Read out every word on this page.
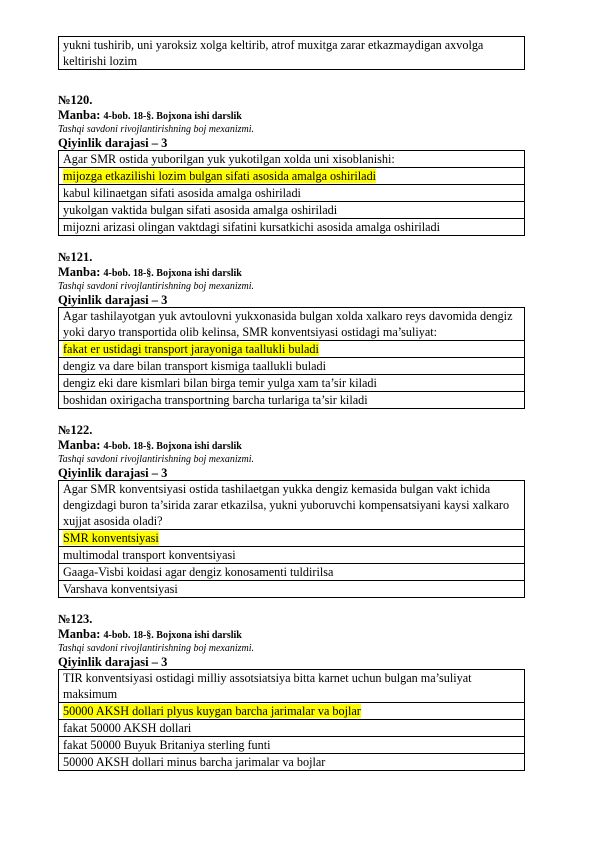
yukni tushirib, uni yaroksiz xolga keltirib, atrof muxitga zarar etkazmaydigan axvolga keltirishi lozim
№120.
Manba: 4-bob. 18-§. Bojxona ishi darslik
Tashqi savdoni rivojlantirishning boj mexanizmi.
Qiyinlik darajasi – 3
Agar SMR ostida yuborilgan yuk yukotilgan xolda uni xisoblanishi:
mijozga etkazilishi lozim bulgan sifati asosida amalga oshiriladi
kabul kilinaetgan sifati asosida amalga oshiriladi
yukolgan vaktida bulgan sifati asosida amalga oshiriladi
mijozni arizasi olingan vaktdagi sifatini kursatkichi asosida amalga oshiriladi
№121.
Manba: 4-bob. 18-§. Bojxona ishi darslik
Tashqi savdoni rivojlantirishning boj mexanizmi.
Qiyinlik darajasi – 3
Agar tashilayotgan yuk avtoulovni yukxonasida bulgan xolda xalkaro reys davomida dengiz yoki daryo transportida olib kelinsa, SMR konventsiyasi ostidagi ma’suliyat:
fakat er ustidagi transport jarayoniga taallukli buladi
dengiz va dare bilan transport kismiga taallukli buladi
dengiz eki dare kismlari bilan birga temir yulga xam ta’sir kiladi
boshidan oxirigacha transportning barcha turlariga ta’sir kiladi
№122.
Manba: 4-bob. 18-§. Bojxona ishi darslik
Tashqi savdoni rivojlantirishning boj mexanizmi.
Qiyinlik darajasi – 3
Agar SMR konventsiyasi ostida tashilaetgan yukka dengiz kemasida bulgan vakt ichida dengizdagi buron ta’sirida zarar etkazilsa, yukni yuboruvchi kompensatsiyani kaysi xalkaro xujjat asosida oladi?
SMR konventsiyasi
multimodal transport konventsiyasi
Gaaga-Visbi koidasi agar dengiz konosamenti tuldirilsa
Varshava konventsiyasi
№123.
Manba: 4-bob. 18-§. Bojxona ishi darslik
Tashqi savdoni rivojlantirishning boj mexanizmi.
Qiyinlik darajasi – 3
TIR konventsiyasi ostidagi milliy assotsiatsiya bitta karnet uchun bulgan ma’suliyat maksimum
50000 AKSH dollari plyus kuygan barcha jarimalar va bojlar
fakat 50000 AKSH dollari
fakat 50000 Buyuk Britaniya sterling funti
50000 AKSH dollari minus barcha jarimalar va bojlar
